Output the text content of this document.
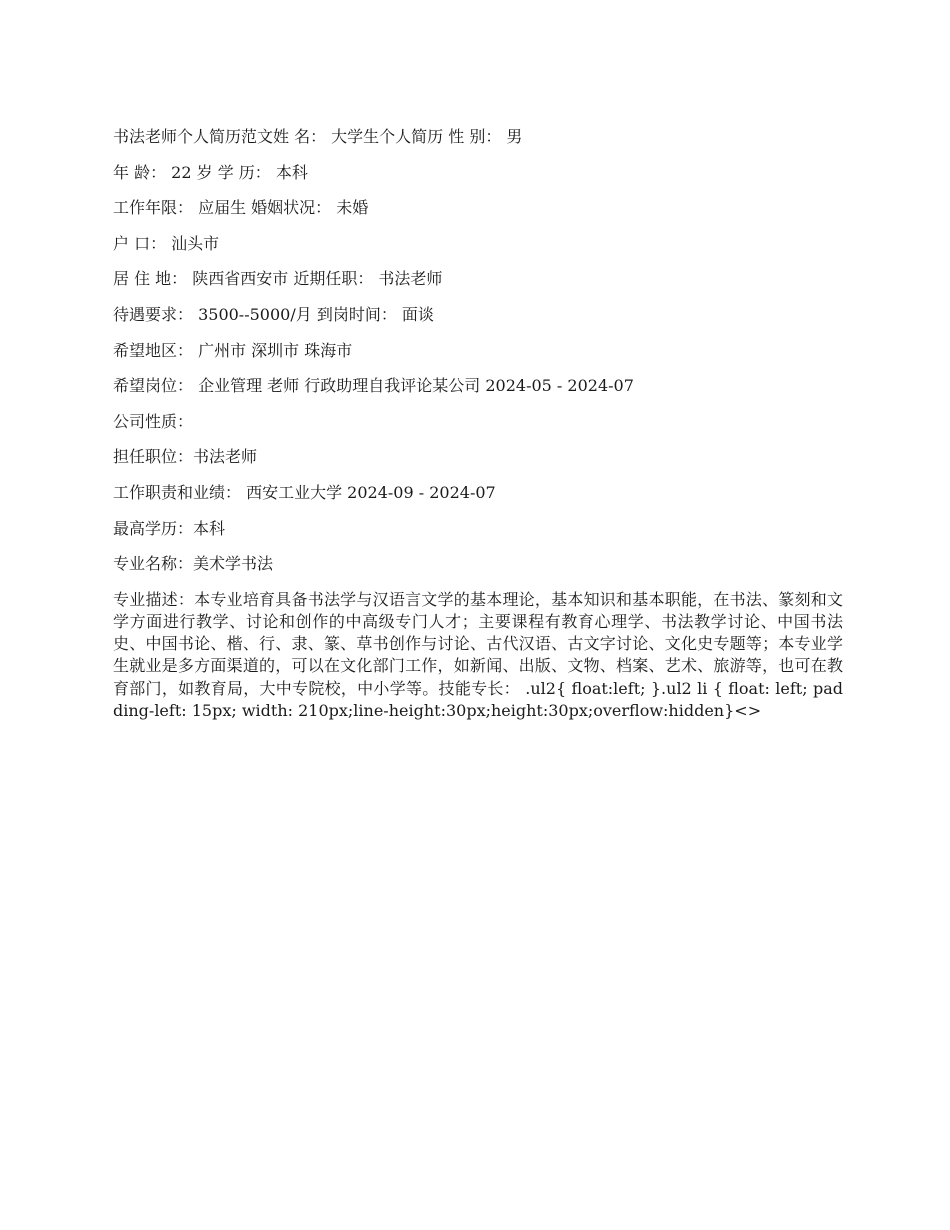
书法老师个人简历范文姓 名： 大学生个人简历 性 别： 男
年 龄： 22 岁 学 历： 本科
工作年限： 应届生 婚姻状况： 未婚
户 口： 汕头市
居 住 地： 陕西省西安市 近期任职： 书法老师
待遇要求： 3500--5000/月 到岗时间： 面谈
希望地区： 广州市 深圳市 珠海市
希望岗位： 企业管理 老师 行政助理自我评论某公司 2024-05 - 2024-07
公司性质：
担任职位：书法老师
工作职责和业绩： 西安工业大学 2024-09 - 2024-07
最高学历：本科
专业名称：美术学书法

专业描述：本专业培育具备书法学与汉语言文学的基本理论，基本知识和基本职能，在书法、篆刻和文学方面进行教学、讨论和创作的中高级专门人才；主要课程有教育心理学、书法教学讨论、中国书法史、中国书论、楷、行、隶、篆、草书创作与讨论、古代汉语、古文字讨论、文化史专题等；本专业学生就业是多方面渠道的，可以在文化部门工作，如新闻、出版、文物、档案、艺术、旅游等，也可在教育部门，如教育局，大中专院校，中小学等。技能专长： .ul2{ float:left; }.ul2 li { float: left; padding-left: 15px; width: 210px;line-height:30px;height:30px;overflow:hidden}<>
